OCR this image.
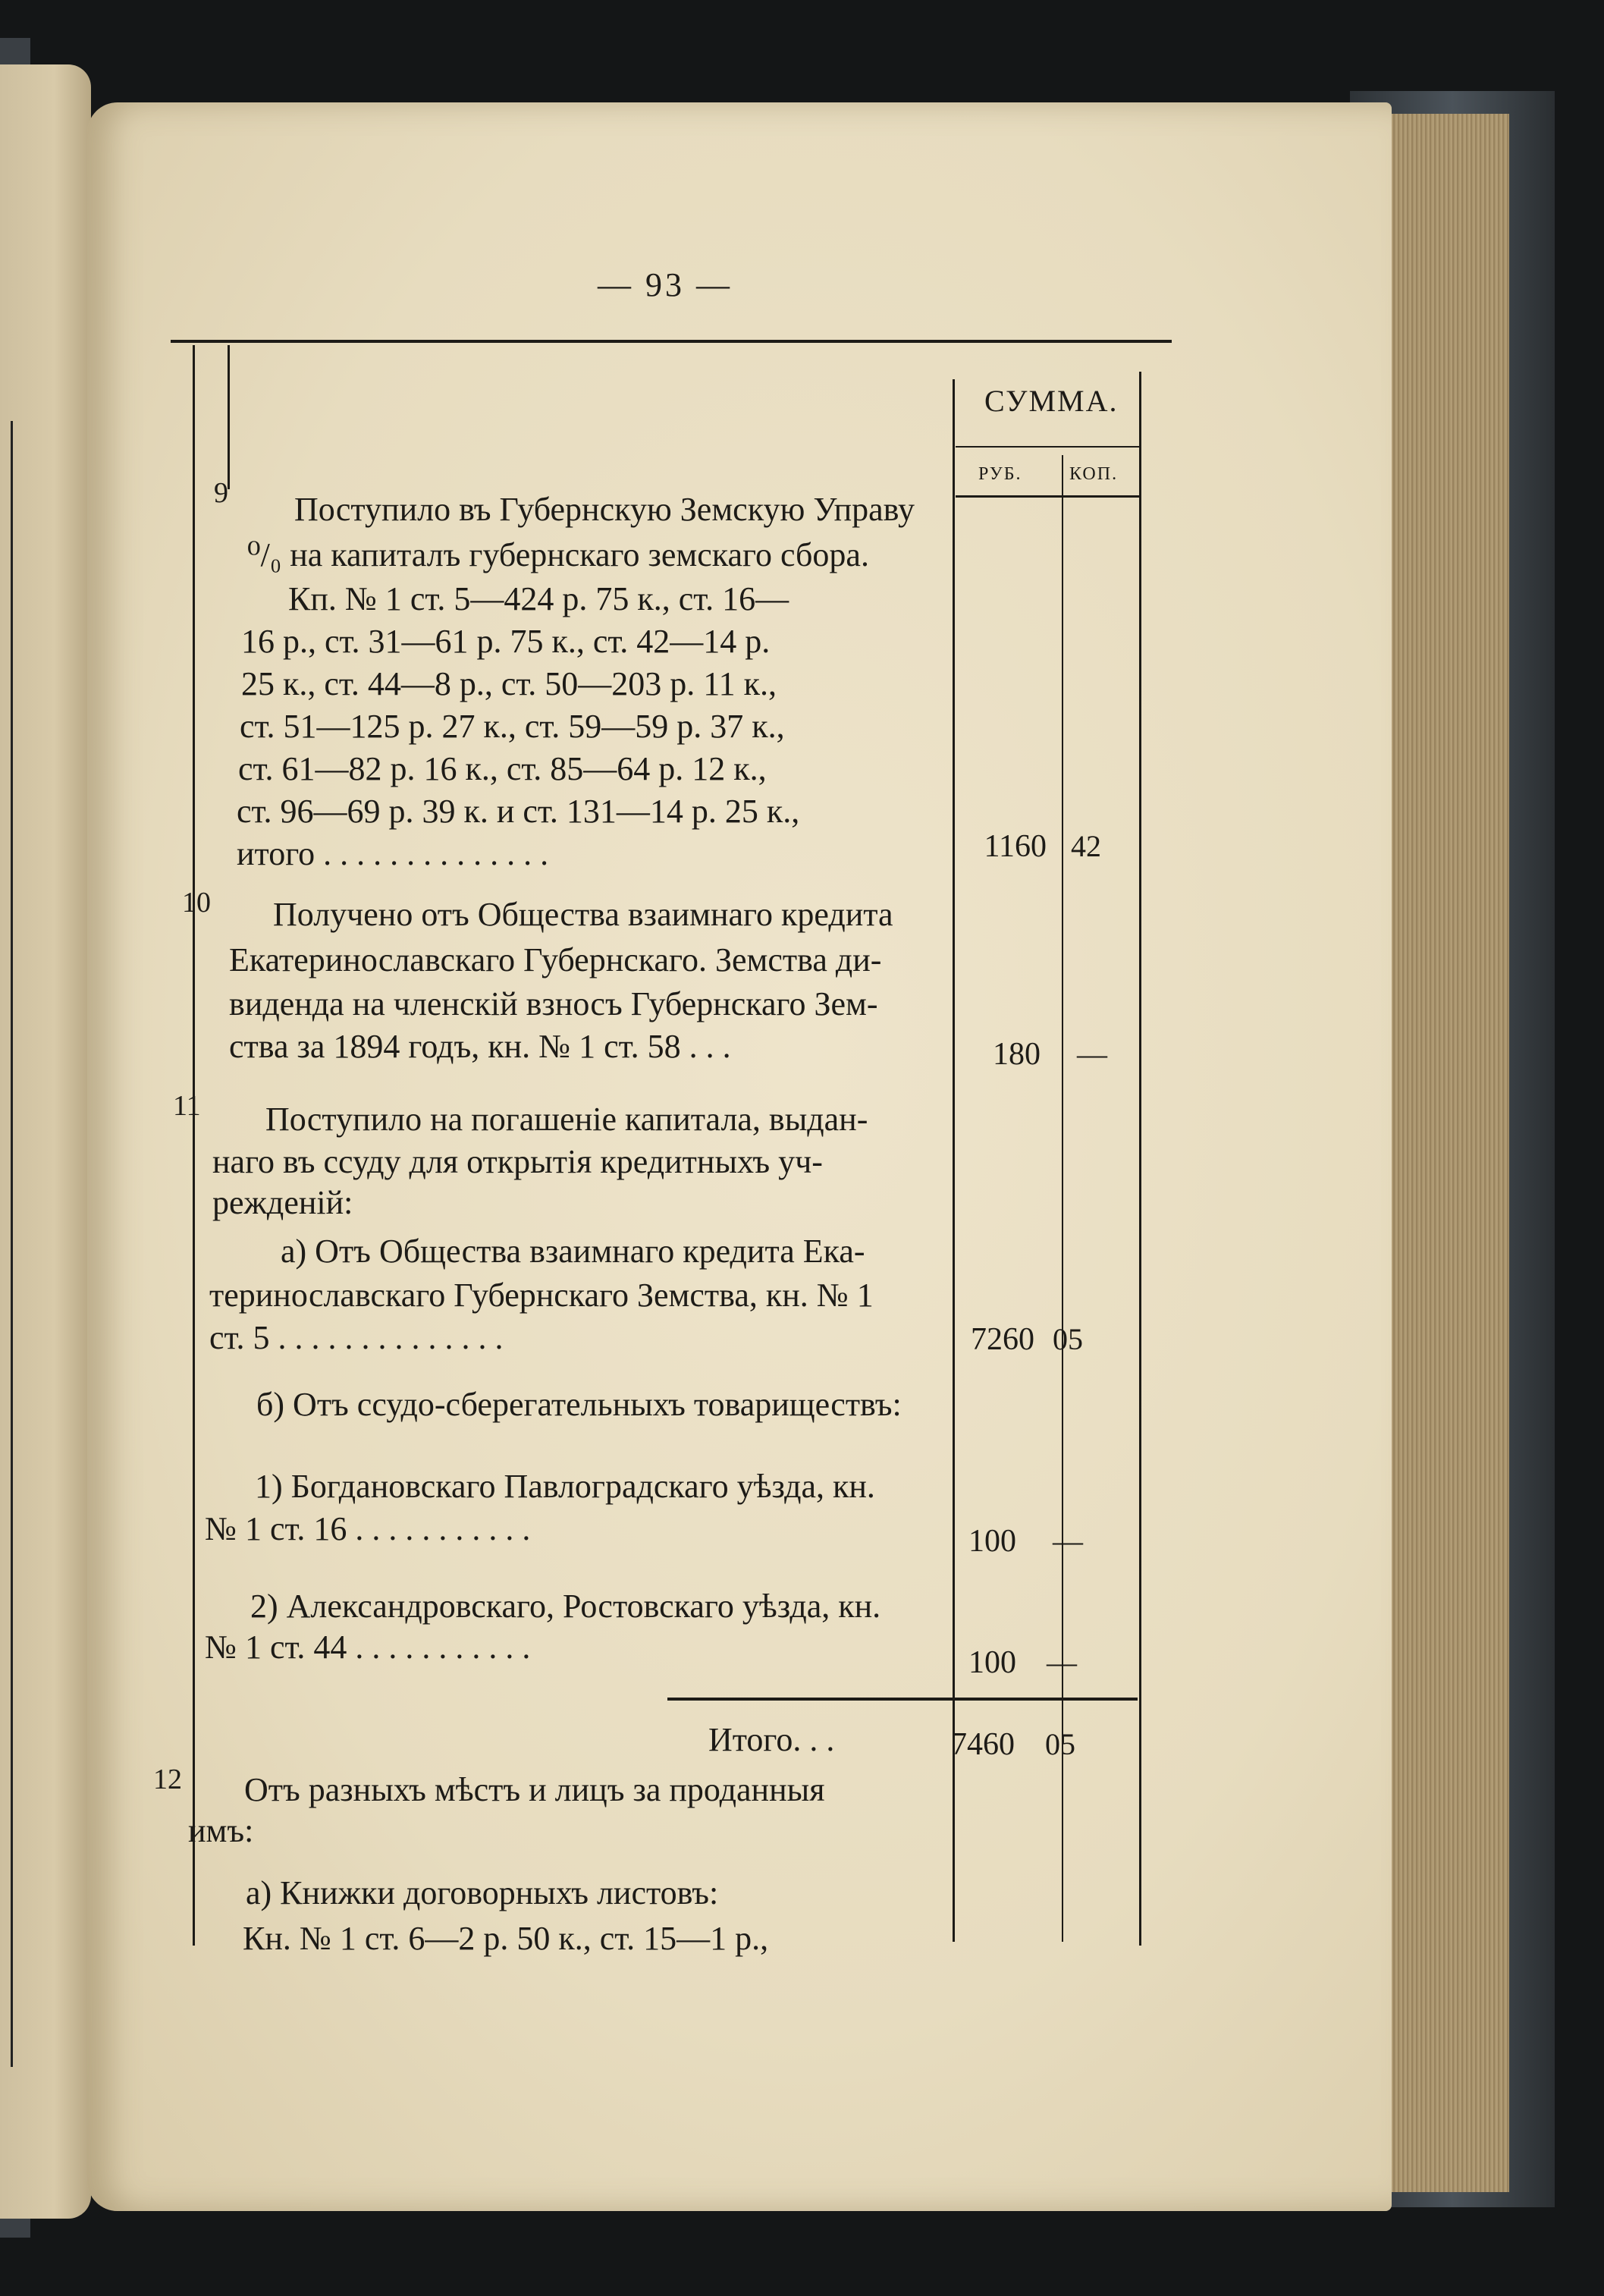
— 93 —
СУММА.
РУБ.	КОП.
9 Поступило въ Губернскую Земскую Управу
⁰/₀ на капиталъ губернскаго земскаго сбора.
Кп. № 1 ст. 5—424 р. 75 к., ст. 16—
16 р., ст. 31—61 р. 75 к., ст. 42—14 р.
25 к., ст. 44—8 р., ст. 50—203 р. 11 к.,
ст. 51—125 р. 27 к., ст. 59—59 р. 37 к.,
ст. 61—82 р. 16 к., ст. 85—64 р. 12 к.,
ст. 96—69 р. 39 к. и ст. 131—14 р. 25 к.,
итого . . . . . . . . . . . . . .	1160 42
10 Получено отъ Общества взаимнаго кредита
Екатеринославскаго Губернскаго. Земства ди-
виденда на членскій взносъ Губернскаго Зем-
ства за 1894 годъ, кн. № 1 ст. 58 . . .	180 —
11 Поступило на погашеніе капитала, выдан-
наго въ ссуду для открытія кредитныхъ уч-
режденій:
а) Отъ Общества взаимнаго кредита Ека-
теринославскаго Губернскаго Земства, кн. № 1
ст. 5 . . . . . . . . . . . . . .	7260 05
б) Отъ ссудо-сберегательныхъ товариществъ:
1) Богдановскаго Павлоградскаго уѣзда, кн.
№ 1 ст. 16 . . . . . . . . . . .	100 —
2) Александровскаго, Ростовскаго уѣзда, кн.
№ 1 ст. 44 . . . . . . . . . . .	100 —
Итого. . .	7460 05
12 Отъ разныхъ мѣстъ и лицъ за проданныя
имъ:
а) Книжки договорныхъ листовъ:
Кн. № 1 ст. 6—2 р. 50 к., ст. 15—1 р.,
